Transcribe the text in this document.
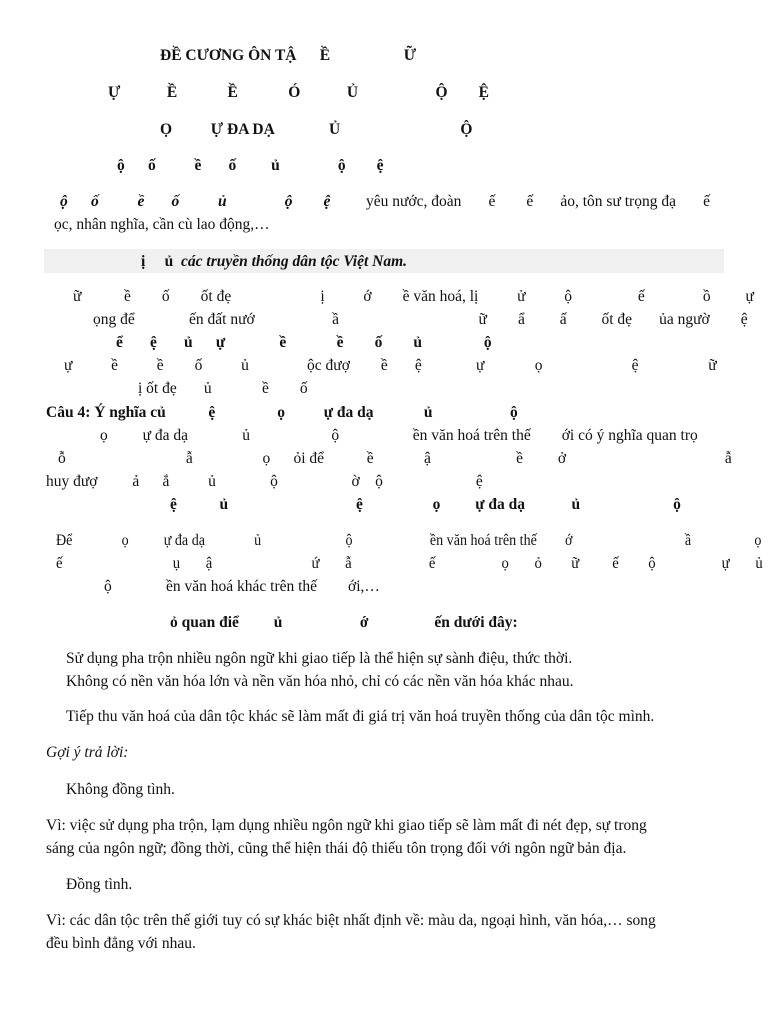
ĐỀ CƯƠNG ÔN TẬ      Ề                   Ữ
Ự            Ề             Ề             Ó            Ủ                    Ộ        Ệ
Ọ          Ự ĐA DẠ              Ủ                               Ộ
ộ      ố          ề       ố         ủ               ộ        ệ
ộ      ố          ề       ố          ủ               ộ        ệ yêu nước, đoàn       ế        ế       ảo, tôn sư trọng đạ       ế
ọc, nhân nghĩa, cần cù lao động,…
ị     ủ các truyền thống dân tộc Việt Nam.
ữ           ề        ố        ốt đẹ                       ị          ớ        ề văn hoá, lị          ử          ộ                 ế               ồ         ự
ọng để              ến đất nướ                    ầ                                    ữ        ẩ         ấ         ốt đẹ       ủa ngườ        ệ
ể       ệ       ủ      ự              ề             ề        ố        ủ                ộ
ự          ề          ề        ố          ủ               ộc đượ        ề       ệ              ự             ọ                       ệ                  ữ
ị ốt đẹ       ủ             ề        ố
Câu 4: Ý nghĩa củ           ệ                ọ          ự đa dạ             ủ                    ộ
ọ         ự đa dạ              ủ                     ộ                   ền văn hoá trên thế        ới có ý nghĩa quan trọ
ỗ                               ẫ                  ọ      ỏi để           ề             ậ                      ề         ở                                         ẫ
huy đượ         ả      ắ          ủ              ộ                   ờ    ộ                        ệ
ệ           ủ                                 ệ                  ọ         ự đa dạ            ủ                        ộ
Để              ọ          ự đa dạ              ủ                        ộ                      ền văn hoá trên thế        ớ                                ầ                  ọ
ế                              ụ       ậ                           ứ       ẫ                     ế                  ọ       ỏ        ữ         ế        ộ                  ự       ủ
ộ              ền văn hoá khác trên thế        ới,…
ỏ quan điể         ủ                    ớ                 ến dưới đây:
Sử dụng pha trộn nhiều ngôn ngữ khi giao tiếp là thể hiện sự sành điệu, thức thời.
Không có nền văn hóa lớn và nền văn hóa nhỏ, chỉ có các nền văn hóa khác nhau.
Tiếp thu văn hoá của dân tộc khác sẽ làm mất đi giá trị văn hoá truyền thống của dân tộc mình.
Gợi ý trả lời:
Không đồng tình.
Vì: việc sử dụng pha trộn, lạm dụng nhiều ngôn ngữ khi giao tiếp sẽ làm mất đi nét đẹp, sự trong
sáng của ngôn ngữ; đồng thời, cũng thể hiện thái độ thiếu tôn trọng đối với ngôn ngữ bản địa.
Đồng tình.
Vì: các dân tộc trên thế giới tuy có sự khác biệt nhất định về: màu da, ngoại hình, văn hóa,… song
đều bình đẳng với nhau.
